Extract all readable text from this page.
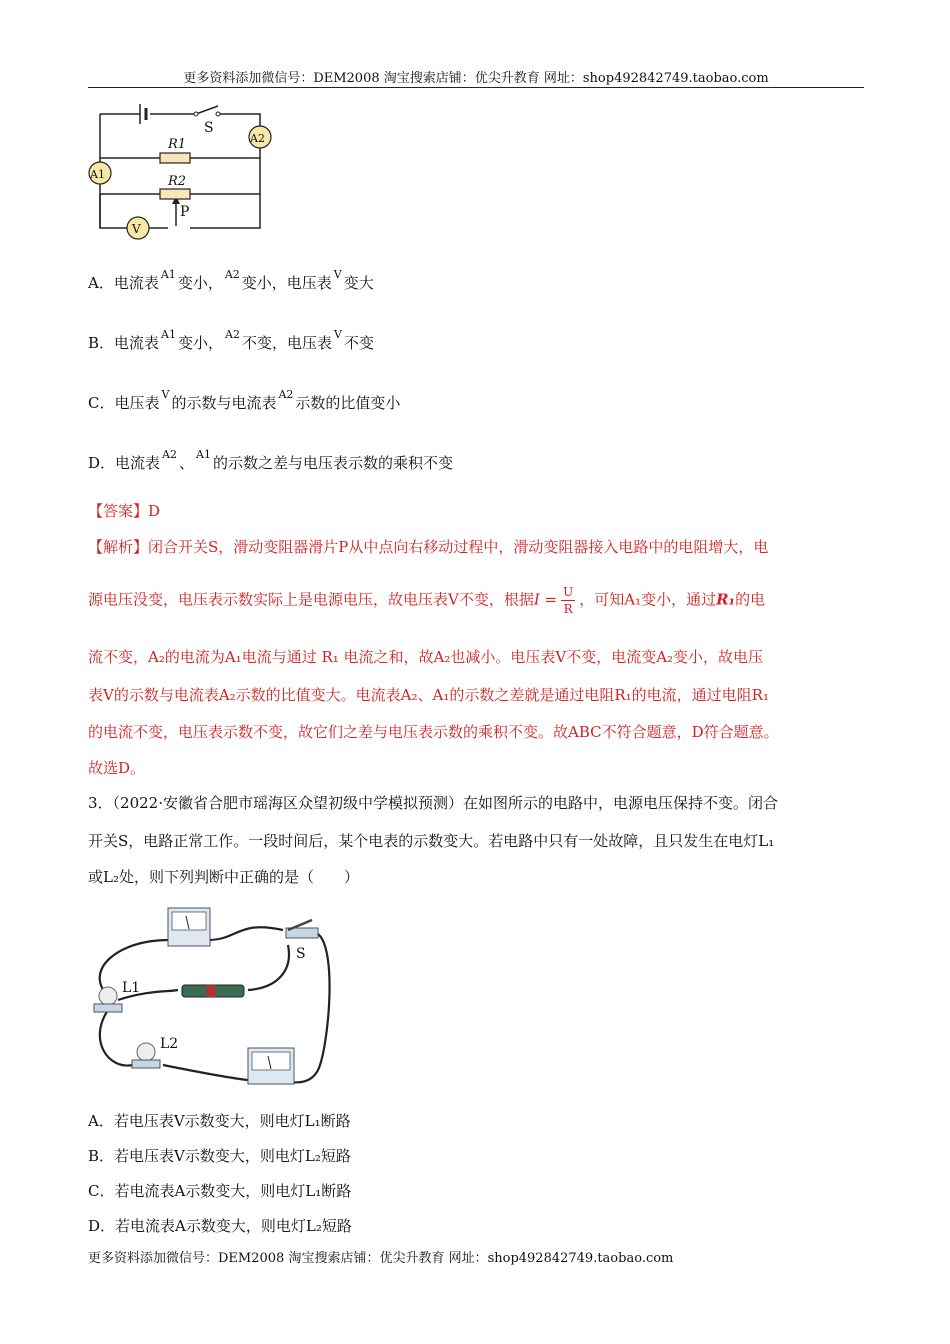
更多资料添加微信号：DEM2008 淘宝搜索店铺：优尖升教育 网址：shop492842749.taobao.com
S
A2
A1
R1
R2
P
V
A．电流表 $^{A1}$ 变小， $^{A2}$ 变小，电压表 $^V$ 变大
B．电流表 $^{A1}$ 变小， $^{A2}$ 不变，电压表 $^V$ 不变
C．电压表 $^V$ 的示数与电流表 $^{A2}$ 示数的比值变小
D．电流表 $^{A2}$ 、 $^{A1}$ 的示数之差与电压表示数的乘积不变
【答案】D
【解析】闭合开关S，滑动变阻器滑片P从中点向右移动过程中，滑动变阻器接入电路中的电阻增大，电
源电压没变，电压表示数实际上是电源电压，故电压表V不变，根据$I = \frac{U}{R}$ ，可知A₁变小，通过R₁的电
流不变，A₂的电流为A₁电流与通过 R₁ 电流之和，故A₂也减小。电压表V不变，电流变A₂变小，故电压
表V的示数与电流表A₂示数的比值变大。电流表A₂、A₁的示数之差就是通过电阻R₁的电流，通过电阻R₁
的电流不变，电压表示数不变，故它们之差与电压表示数的乘积不变。故ABC不符合题意，D符合题意。
故选D。
3．（2022·安徽省合肥市瑶海区众望初级中学模拟预测）在如图所示的电路中，电源电压保持不变。闭合
开关S，电路正常工作。一段时间后，某个电表的示数变大。若电路中只有一处故障，且只发生在电灯L₁
或L₂处，则下列判断中正确的是（　　）
L1
L2
S
A．若电压表V示数变大，则电灯L₁断路
B．若电压表V示数变大，则电灯L₂短路
C．若电流表A示数变大，则电灯L₁断路
D．若电流表A示数变大，则电灯L₂短路
更多资料添加微信号：DEM2008 淘宝搜索店铺：优尖升教育 网址：shop492842749.taobao.com
